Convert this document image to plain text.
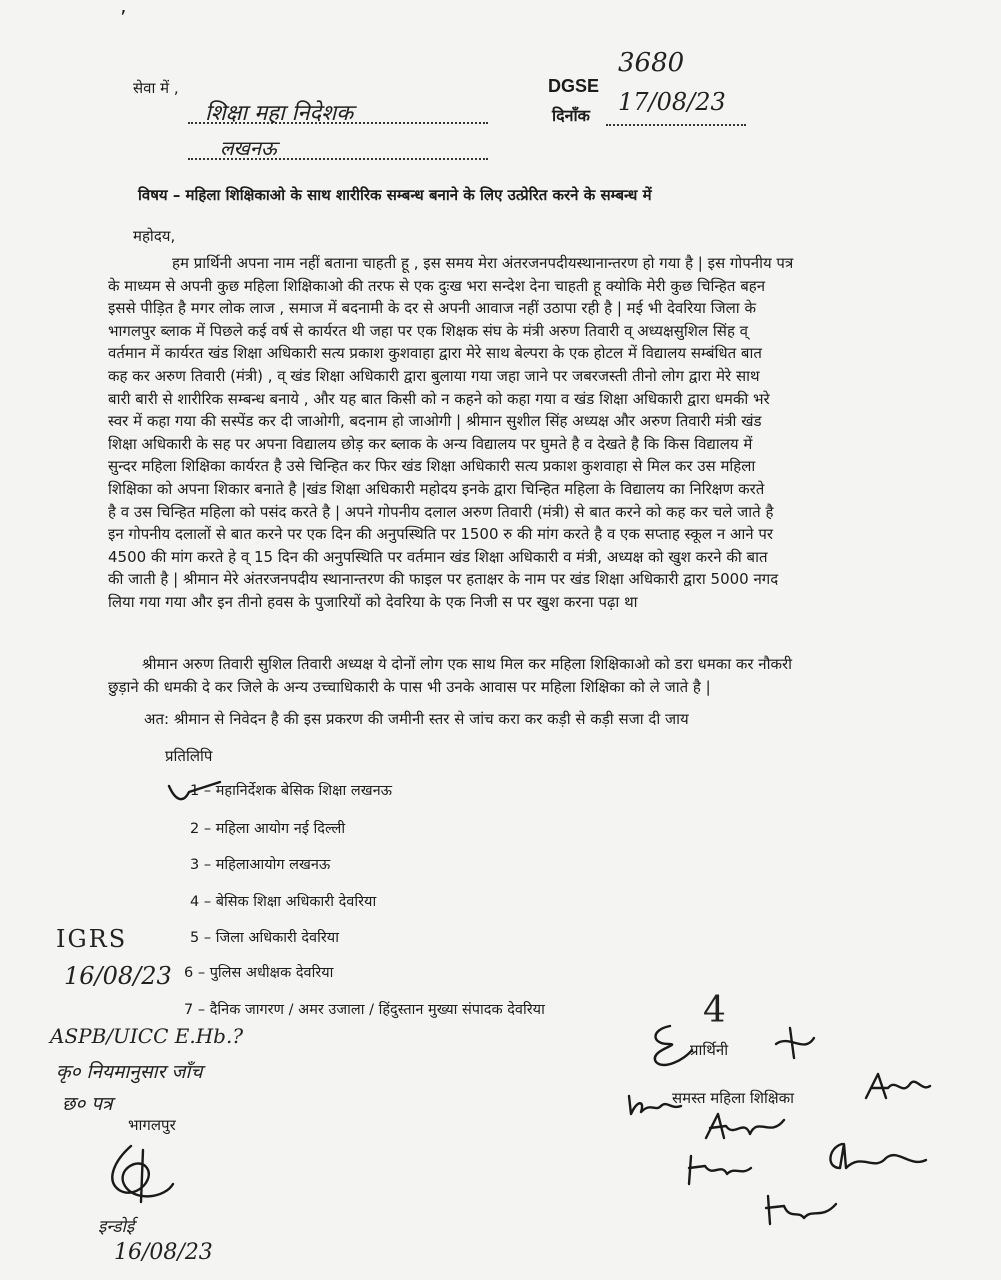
’
सेवा में ,
शिक्षा महा निदेशक
लखनऊ
DGSE
3680
दिनाँक 17/08/23
विषय – महिला शिक्षिकाओ के साथ शारीरिक सम्बन्ध बनाने के लिए उत्प्रेरित करने के सम्बन्ध में
महोदय,
हम प्रार्थिनी अपना नाम नहीं बताना चाहती हू , इस समय मेरा अंतरजनपदीयस्थानान्तरण हो गया है | इस गोपनीय पत्र
के माध्यम से अपनी कुछ महिला शिक्षिकाओ की तरफ से एक दुःख भरा सन्देश देना चाहती हू क्योकि मेरी कुछ चिन्हित बहन
इससे पीड़ित है मगर लोक लाज , समाज में बदनामी के दर से अपनी आवाज नहीं उठापा रही है | मई भी देवरिया जिला के
भागलपुर ब्लाक में पिछले कई वर्ष से कार्यरत थी जहा पर एक शिक्षक संघ के मंत्री अरुण तिवारी व् अध्यक्षसुशिल सिंह व्
वर्तमान में कार्यरत खंड शिक्षा अधिकारी सत्य प्रकाश कुशवाहा द्वारा मेरे साथ बेल्परा के एक होटल में विद्यालय सम्बंधित बात
कह कर अरुण तिवारी (मंत्री) , व् खंड शिक्षा अधिकारी द्वारा बुलाया गया जहा जाने पर जबरजस्ती तीनो लोग द्वारा मेरे साथ
बारी बारी से शारीरिक सम्बन्ध बनाये , और यह बात किसी को न कहने को कहा गया व खंड शिक्षा अधिकारी द्वारा धमकी भरे
स्वर में कहा गया की सस्पेंड कर दी जाओगी, बदनाम हो जाओगी | श्रीमान सुशील सिंह अध्यक्ष और अरुण तिवारी मंत्री खंड
शिक्षा अधिकारी के सह पर अपना विद्यालय छोड़ कर ब्लाक के अन्य विद्यालय पर घुमते है व देखते है कि किस विद्यालय में
सुन्दर महिला शिक्षिका कार्यरत है उसे चिन्हित कर फिर खंड शिक्षा अधिकारी सत्य प्रकाश कुशवाहा से मिल कर उस महिला
शिक्षिका को अपना शिकार बनाते है |खंड शिक्षा अधिकारी महोदय इनके द्वारा चिन्हित महिला के विद्यालय का निरिक्षण करते
है व उस चिन्हित महिला को पसंद करते है | अपने गोपनीय दलाल अरुण तिवारी (मंत्री) से बात करने को कह कर चले जाते है
इन गोपनीय दलालों से बात करने पर एक दिन की अनुपस्थिति पर 1500 रु की मांग करते है व एक सप्ताह स्कूल न आने पर
4500 की मांग करते हे व् 15 दिन की अनुपस्थिति पर वर्तमान खंड शिक्षा अधिकारी व मंत्री, अध्यक्ष को खुश करने की बात
की जाती है | श्रीमान मेरे अंतरजनपदीय स्थानान्तरण की फाइल पर हताक्षर के नाम पर खंड शिक्षा अधिकारी द्वारा 5000 नगद
लिया गया गया और इन तीनो हवस के पुजारियों को देवरिया के एक निजी स पर खुश करना पढ़ा था
श्रीमान अरुण तिवारी सुशिल तिवारी अध्यक्ष ये दोनों लोग एक साथ मिल कर महिला शिक्षिकाओ को डरा धमका कर नौकरी
छुड़ाने की धमकी दे कर जिले के अन्य उच्चाधिकारी के पास भी उनके आवास पर महिला शिक्षिका को ले जाते है |
अत: श्रीमान से निवेदन है की इस प्रकरण की जमीनी स्तर से जांच करा कर कड़ी से कड़ी सजा दी जाय
प्रतिलिपि
1 – महानिर्देशक बेसिक शिक्षा लखनऊ
2 – महिला आयोग नई दिल्ली
3 – महिलाआयोग लखनऊ
4 – बेसिक शिक्षा अधिकारी देवरिया
5 – जिला अधिकारी देवरिया
6 – पुलिस अधीक्षक देवरिया
7 – दैनिक जागरण / अमर उजाला / हिंदुस्तान मुख्या संपादक देवरिया
IGRS
16/08/23
ASPB/UICC E.Hb.?
कृ० नियमानुसार जाँच
छ० पत्र
भागलपुर
इन्डोई
16/08/23
4
प्रार्थिनी
समस्त महिला शिक्षिका
